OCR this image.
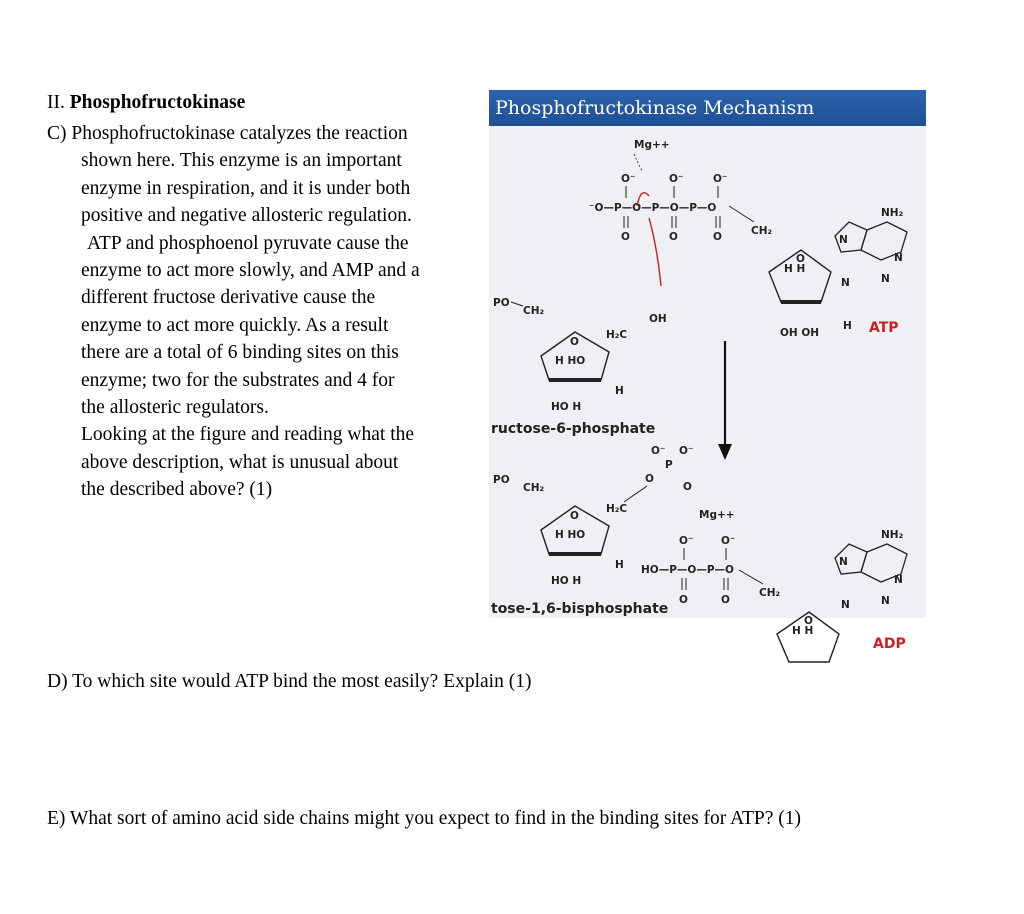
II. Phosphofructokinase
C) Phosphofructokinase catalyzes the reaction
shown here. This enzyme is an important
enzyme in respiration, and it is under both
positive and negative allosteric regulation.
ATP and phosphoenol pyruvate cause the
enzyme to act more slowly, and AMP and a
different fructose derivative cause the
enzyme to act more quickly. As a result
there are a total of 6 binding sites on this
enzyme; two for the substrates and 4 for
the allosteric regulators.
Looking at the figure and reading what the
above description, what is unusual about
the described above? (1)
Phosphofructokinase Mechanism
Mg++
O⁻	O⁻	O⁻
⁻O—P—O—P—O—P—O
O	O	O	CH₂
O
H H
OH OH
H
N
N
N	N
NH₂
ATP
PO
CH₂
O
H₂C
OH
H HO
H
HO H
ructose-6-phosphate
PO
CH₂
O
H₂C
H HO
H
HO H
O
P
O⁻ O⁻
O
tose-1,6-bisphosphate
Mg++
O⁻	O⁻
HO—P—O—P—O
O	O
CH₂
O
H H
N
N
N	N
NH₂
ADP
D) To which site would ATP bind the most easily? Explain (1)
E) What sort of amino acid side chains might you expect to find in the binding sites for ATP? (1)
